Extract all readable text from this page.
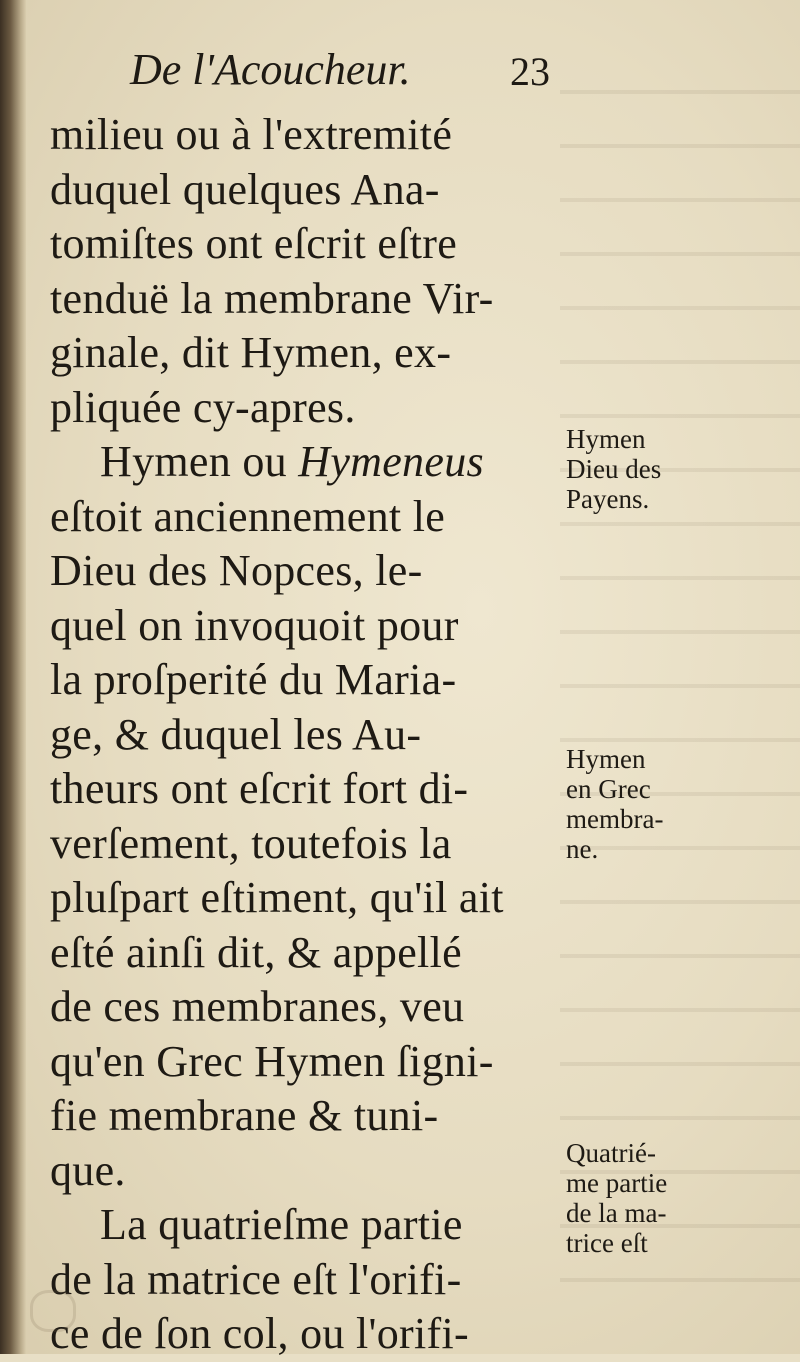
De l'Acoucheur. 23
milieu ou à l'extremité
duquel quelques Ana-
tomiſtes ont eſcrit eſtre
tenduë la membrane Vir-
ginale, dit Hymen, ex-
pliquée cy-apres.
Hymen ou Hymeneus
eſtoit anciennement le
Dieu des Nopces, le-
quel on invoquoit pour
la proſperité du Maria-
ge, & duquel les Au-
theurs ont eſcrit fort di-
verſement, toutefois la
pluſpart eſtiment, qu'il ait
eſté ainſi dit, & appellé
de ces membranes, veu
qu'en Grec Hymen ſigni-
fie membrane & tuni-
que.
La quatrieſme partie
de la matrice eſt l'orifi-
ce de ſon col, ou l'orifi-
Hymen
Dieu des
Payens.
Hymen
en Grec
membra-
ne.
Quatrié-
me partie
de la ma-
trice eſt
